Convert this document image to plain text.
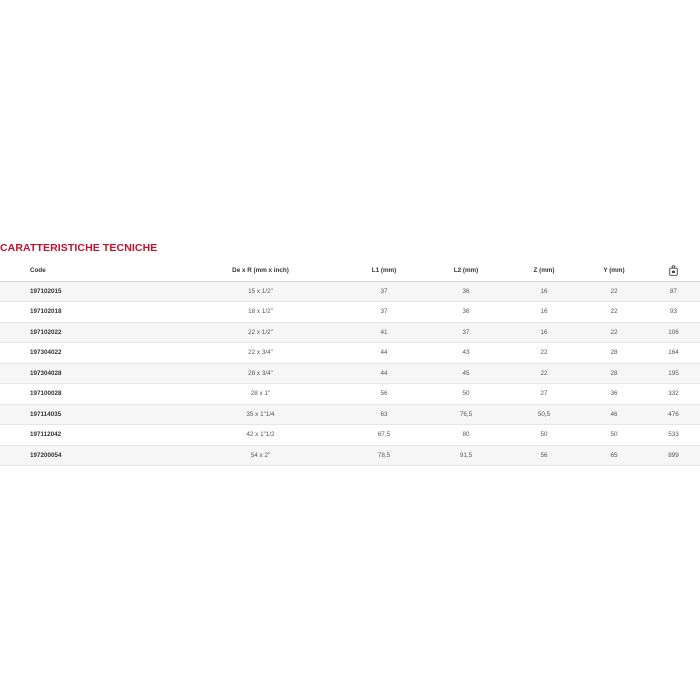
CARATTERISTICHE TECNICHE
Code	De x R (mm x inch)	L1 (mm)	L2 (mm)	Z (mm)	Y (mm)	
197102015	15 x 1/2"	37	36	16	22	87
197102018	18 x 1/2"	37	36	16	22	93
197102022	22 x 1/2"	41	37	16	22	106
197304022	22 x 3/4"	44	43	22	28	164
197304028	28 x 3/4"	44	45	22	28	195
197100028	28 x 1"	56	50	27	36	332
197114035	35 x 1"1/4	63	76,5	50,5	46	476
197112042	42 x 1"1/2	67,5	80	50	50	533
197200054	54 x 2"	78,5	91,5	56	65	899
